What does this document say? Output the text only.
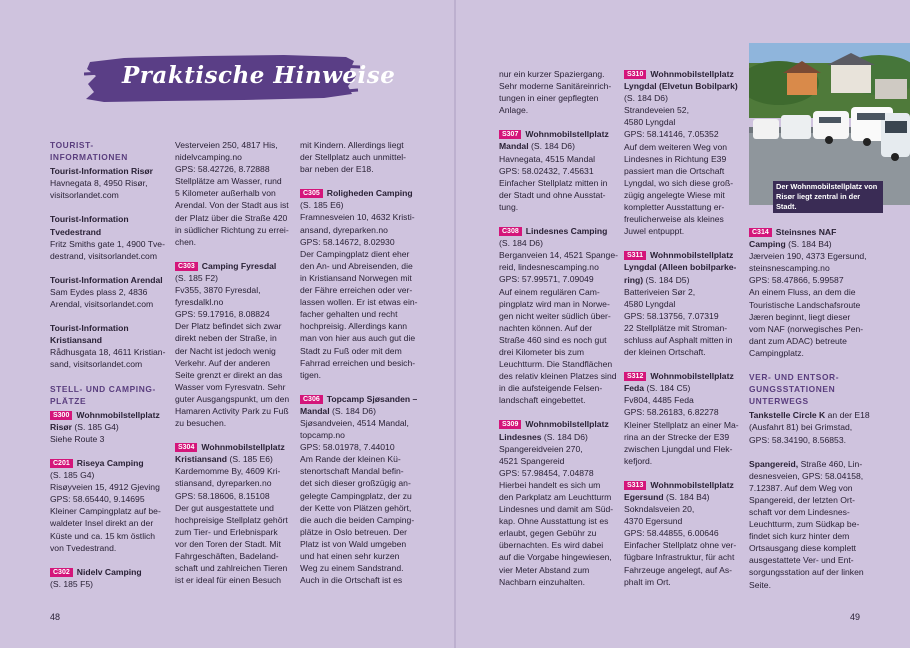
Praktische Hinweise
TOURIST-
INFORMATIONEN

Tourist-Information Risør
Havnegata 8, 4950 Risør,
visitsorlandet.com

Tourist-Information
Tvedestrand
Fritz Smiths gate 1, 4900 Tve-
destrand, visitsorlandet.com

Tourist-Information Arendal
Sam Eydes plass 2, 4836
Arendal, visitsorlandet.com

Tourist-Information
Kristiansand
Rådhusgata 18, 4611 Kristian-
sand, visitsorlandet.com

STELL- UND CAMPING-
PLÄTZE

S300 Wohnmobilstellplatz
Risør (S. 185 G4)
Siehe Route 3

C201 Riseya Camping
(S. 185 G4)
Risøyveien 15, 4912 Gjeving
GPS: 58.65440, 9.14695
Kleiner Campingplatz auf be-
waldeter Insel direkt an der
Küste und ca. 15 km östlich
von Tvedestrand.

C302 Nidelv Camping
(S. 185 F5)

Vesterveien 250, 4817 His,
nidelvcamping.no
GPS: 58.42726, 8.72888
Stellplätze am Wasser, rund
5 Kilometer außerhalb von
Arendal. Von der Stadt aus ist
der Platz über die Straße 420
in südlicher Richtung zu errei-
chen.

C303 Camping Fyresdal
(S. 185 F2)
Fv355, 3870 Fyresdal,
fyresdalkl.no
GPS: 59.17916, 8.08824
Der Platz befindet sich zwar
direkt neben der Straße, in
der Nacht ist jedoch wenig
Verkehr. Auf der anderen
Seite grenzt er direkt an das
Wasser vom Fyresvatn. Sehr
guter Ausgangspunkt, um den
Hamaren Activity Park zu Fuß
zu besuchen.

S304 Wohnmobilstellplatz
Kristiansand (S. 185 E6)
Kardemomme By, 4609 Kri-
stiansand, dyreparken.no
GPS: 58.18606, 8.15108
Der gut ausgestattete und
hochpreisige Stellplatz gehört
zum Tier- und Erlebnispark
vor den Toren der Stadt. Mit
Fahrgeschäften, Badeland-
schaft und zahlreichen Tieren
ist er ideal für einen Besuch

mit Kindern. Allerdings liegt
der Stellplatz auch unmittel-
bar neben der E18.

C305 Roligheden Camping
(S. 185 E6)
Framnesveien 10, 4632 Kristi-
ansand, dyreparken.no
GPS: 58.14672, 8.02930
Der Campingplatz dient eher
den An- und Abreisenden, die
in Kristiansand Norwegen mit
der Fähre erreichen oder ver-
lassen wollen. Er ist etwas ein-
facher gehalten und recht
hochpreisig. Allerdings kann
man von hier aus auch gut die
Stadt zu Fuß oder mit dem
Fahrrad erreichen und besich-
tigen.

C306 Topcamp Sjøsanden –
Mandal (S. 184 D6)
Sjøsandveien, 4514 Mandal,
topcamp.no
GPS: 58.01978, 7.44010
Am Rande der kleinen Kü-
stenortschaft Mandal befin-
det sich dieser großzügig an-
gelegte Campingplatz, der zu
der Kette von Plätzen gehört,
die auch die beiden Camping-
plätze in Oslo betreuen. Der
Platz ist von Wald umgeben
und hat einen sehr kurzen
Weg zu einem Sandstrand.
Auch in die Ortschaft ist es

nur ein kurzer Spaziergang.
Sehr moderne Sanitäreinrich-
tungen in einer gepflegten
Anlage.

S307 Wohnmobilstellplatz
Mandal (S. 184 D6)
Havnegata, 4515 Mandal
GPS: 58.02432, 7.45631
Einfacher Stellplatz mitten in
der Stadt und ohne Ausstat-
tung.

C308 Lindesnes Camping
(S. 184 D6)
Berganveien 14, 4521 Spange-
reid, lindesnescamping.no
GPS: 57.99571, 7.09049
Auf einem regulären Cam-
pingplatz wird man in Norwe-
gen nicht weiter südlich über-
nachten können. Auf der
Straße 460 sind es noch gut
drei Kilometer bis zum
Leuchtturm. Die Standflächen
des relativ kleinen Platzes sind
in die aufsteigende Felsen-
landschaft eingebettet.

S309 Wohnmobilstellplatz
Lindesnes (S. 184 D6)
Spangereidveien 270,
4521 Spangereid
GPS: 57.98454, 7.04878
Hierbei handelt es sich um
den Parkplatz am Leuchtturm
Lindesnes und damit am Süd-
kap. Ohne Ausstattung ist es
erlaubt, gegen Gebühr zu
übernachten. Es wird dabei
auf die Vorgabe hingewiesen,
vier Meter Abstand zum
Nachbarn einzuhalten.

S310 Wohnmobilstellplatz
Lyngdal (Elvetun Bobilpark)
(S. 184 D6)
Strandeveien 52,
4580 Lyngdal
GPS: 58.14146, 7.05352
Auf dem weiteren Weg von
Lindesnes in Richtung E39
passiert man die Ortschaft
Lyngdal, wo sich diese groß-
zügig angelegte Wiese mit
kompletter Ausstattung er-
freulicherweise als kleines
Juwel entpuppt.

S311 Wohnmobilstellplatz
Lyngdal (Alleen bobilparke-
ring) (S. 184 D5)
Batteriveien Sør 2,
4580 Lyngdal
GPS: 58.13756, 7.07319
22 Stellplätze mit Stroman-
schluss auf Asphalt mitten in
der kleinen Ortschaft.

S312 Wohnmobilstellplatz
Feda (S. 184 C5)
Fv804, 4485 Feda
GPS: 58.26183, 6.82278
Kleiner Stellplatz an einer Ma-
rina an der Strecke der E39
zwischen Ljungdal und Flek-
kefjord.

S313 Wohnmobilstellplatz
Egersund (S. 184 B4)
Sokndalsveien 20,
4370 Egersund
GPS: 58.44855, 6.00646
Einfacher Stellplatz ohne ver-
fügbare Infrastruktur, für acht
Fahrzeuge angelegt, auf As-
phalt im Ort.

Der Wohnmobilstellplatz von
Risør liegt zentral in der Stadt.

C314 Steinsnes NAF
Camping (S. 184 B4)
Jærveien 190, 4373 Egersund,
steinsnescamping.no
GPS: 58.47866, 5.99587
An einem Fluss, an dem die
Touristische Landschafsroute
Jæren beginnt, liegt dieser
vom NAF (norwegisches Pen-
dant zum ADAC) betreute
Campingplatz.

VER- UND ENTSOR-
GUNGSSTATIONEN
UNTERWEGS

Tankstelle Circle K an der E18
(Ausfahrt 81) bei Grimstad,
GPS: 58.34190, 8.56853.

Spangereid, Straße 460, Lin-
desnesveien, GPS: 58.04158,
7.12387. Auf dem Weg von
Spangereid, der letzten Ort-
schaft vor dem Lindesnes-
Leuchtturm, zum Südkap be-
findet sich kurz hinter dem
Ortsausgang diese komplett
ausgestattete Ver- und Ent-
sorgungsstation auf der linken
Seite.

48	49
